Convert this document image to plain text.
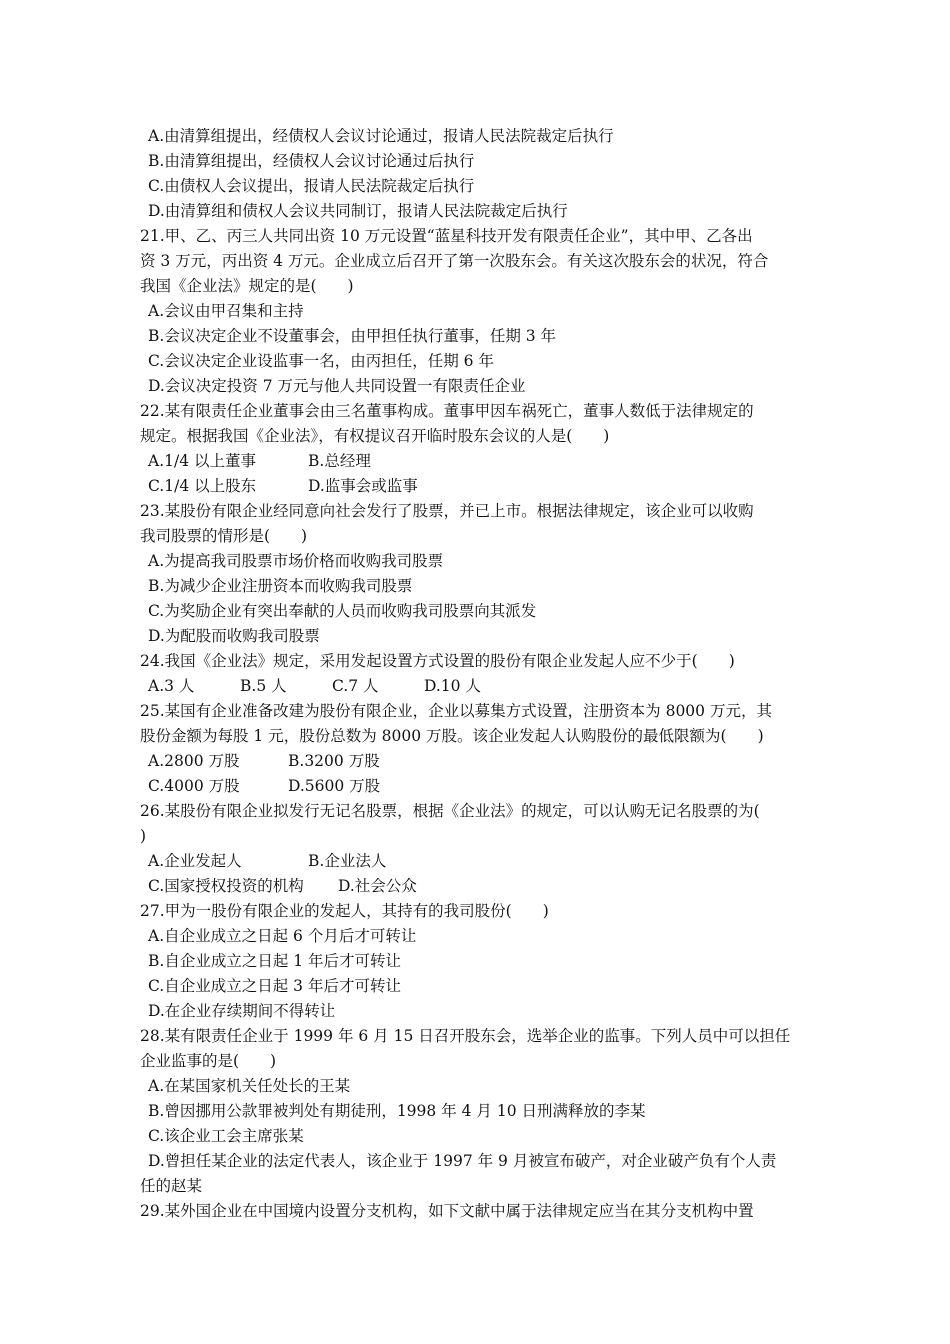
A.由清算组提出，经债权人会议讨论通过，报请人民法院裁定后执行
B.由清算组提出，经债权人会议讨论通过后执行
C.由债权人会议提出，报请人民法院裁定后执行
D.由清算组和债权人会议共同制订，报请人民法院裁定后执行
21.甲、乙、丙三人共同出资 10 万元设置“蓝星科技开发有限责任企业”，其中甲、乙各出
资 3 万元，丙出资 4 万元。企业成立后召开了第一次股东会。有关这次股东会的状况，符合
我国《企业法》规定的是(　　)
A.会议由甲召集和主持
B.会议决定企业不设董事会，由甲担任执行董事，任期 3 年
C.会议决定企业设监事一名，由丙担任，任期 6 年
D.会议决定投资 7 万元与他人共同设置一有限责任企业
22.某有限责任企业董事会由三名董事构成。董事甲因车祸死亡，董事人数低于法律规定的
规定。根据我国《企业法》，有权提议召开临时股东会议的人是(　　)
A.1/4 以上董事	B.总经理
C.1/4 以上股东	D.监事会或监事
23.某股份有限企业经同意向社会发行了股票，并已上市。根据法律规定，该企业可以收购
我司股票的情形是(　　)
A.为提高我司股票市场价格而收购我司股票
B.为减少企业注册资本而收购我司股票
C.为奖励企业有突出奉献的人员而收购我司股票向其派发
D.为配股而收购我司股票
24.我国《企业法》规定，采用发起设置方式设置的股份有限企业发起人应不少于(　　)
A.3 人	B.5 人	C.7 人	D.10 人
25.某国有企业准备改建为股份有限企业，企业以募集方式设置，注册资本为 8000 万元，其
股份金额为每股 1 元，股份总数为 8000 万股。该企业发起人认购股份的最低限额为(　　)
A.2800 万股	B.3200 万股
C.4000 万股	D.5600 万股
26.某股份有限企业拟发行无记名股票，根据《企业法》的规定，可以认购无记名股票的为(
)
A.企业发起人	B.企业法人
C.国家授权投资的机构	D.社会公众
27.甲为一股份有限企业的发起人，其持有的我司股份(　　)
A.自企业成立之日起 6 个月后才可转让
B.自企业成立之日起 1 年后才可转让
C.自企业成立之日起 3 年后才可转让
D.在企业存续期间不得转让
28.某有限责任企业于 1999 年 6 月 15 日召开股东会，选举企业的监事。下列人员中可以担任
企业监事的是(　　)
A.在某国家机关任处长的王某
B.曾因挪用公款罪被判处有期徒刑，1998 年 4 月 10 日刑满释放的李某
C.该企业工会主席张某
D.曾担任某企业的法定代表人，该企业于 1997 年 9 月被宣布破产，对企业破产负有个人责
任的赵某
29.某外国企业在中国境内设置分支机构，如下文献中属于法律规定应当在其分支机构中置
